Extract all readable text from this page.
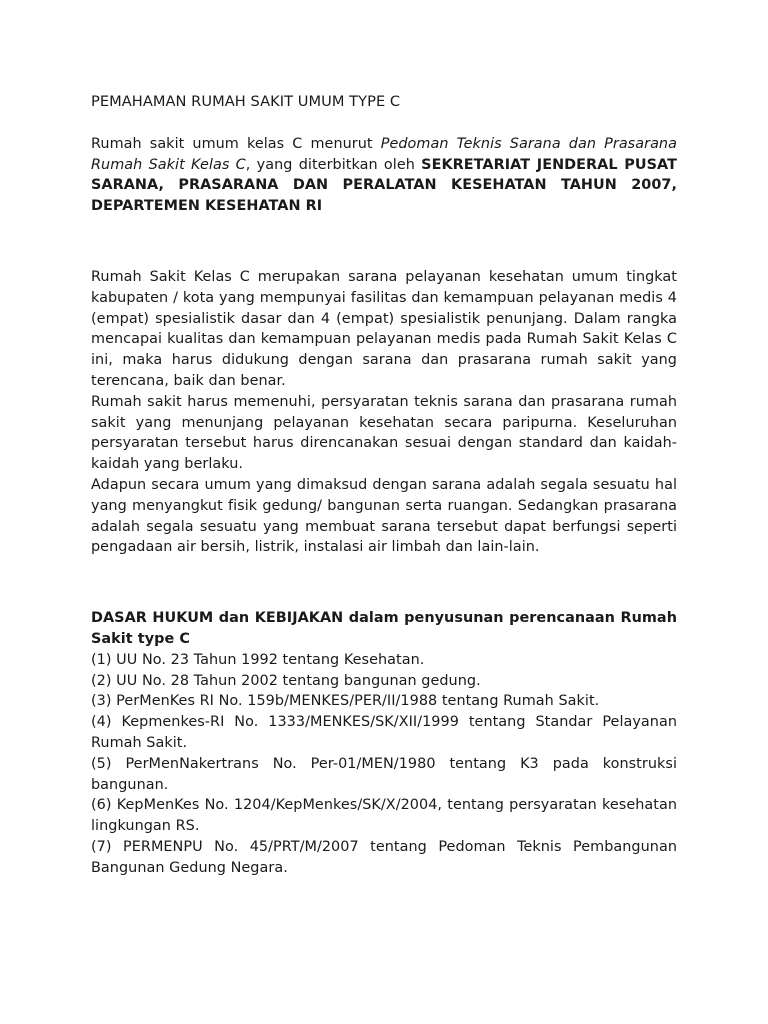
PEMAHAMAN RUMAH SAKIT UMUM TYPE C

Rumah sakit umum kelas C menurut Pedoman Teknis Sarana dan Prasarana Rumah Sakit Kelas C, yang diterbitkan oleh SEKRETARIAT JENDERAL PUSAT SARANA, PRASARANA DAN PERALATAN KESEHATAN TAHUN 2007, DEPARTEMEN KESEHATAN RI

Rumah Sakit Kelas C merupakan sarana pelayanan kesehatan umum tingkat kabupaten / kota yang mempunyai fasilitas dan kemampuan pelayanan medis 4 (empat) spesialistik dasar dan 4 (empat) spesialistik penunjang. Dalam rangka mencapai kualitas dan kemampuan pelayanan medis pada Rumah Sakit Kelas C ini, maka harus didukung dengan sarana dan prasarana rumah sakit yang terencana, baik dan benar.

Rumah sakit harus memenuhi, persyaratan teknis sarana dan prasarana rumah sakit yang menunjang pelayanan kesehatan secara paripurna. Keseluruhan persyaratan tersebut harus direncanakan sesuai dengan standard dan kaidah-kaidah yang berlaku.

Adapun secara umum yang dimaksud dengan sarana adalah segala sesuatu hal yang menyangkut fisik gedung/ bangunan serta ruangan. Sedangkan prasarana adalah segala sesuatu yang membuat sarana tersebut dapat berfungsi seperti pengadaan air bersih, listrik, instalasi air limbah dan lain-lain.

DASAR HUKUM dan KEBIJAKAN dalam penyusunan perencanaan Rumah Sakit type C

(1) UU No. 23 Tahun 1992 tentang Kesehatan.

(2) UU No. 28 Tahun 2002 tentang bangunan gedung.

(3) PerMenKes RI No. 159b/MENKES/PER/II/1988 tentang Rumah Sakit.

(4) Kepmenkes-RI No. 1333/MENKES/SK/XII/1999 tentang Standar Pelayanan Rumah Sakit.

(5) PerMenNakertrans No. Per-01/MEN/1980 tentang K3 pada konstruksi bangunan.

(6) KepMenKes No. 1204/KepMenkes/SK/X/2004, tentang persyaratan kesehatan lingkungan RS.

(7) PERMENPU No. 45/PRT/M/2007 tentang Pedoman Teknis Pembangunan Bangunan Gedung Negara.
